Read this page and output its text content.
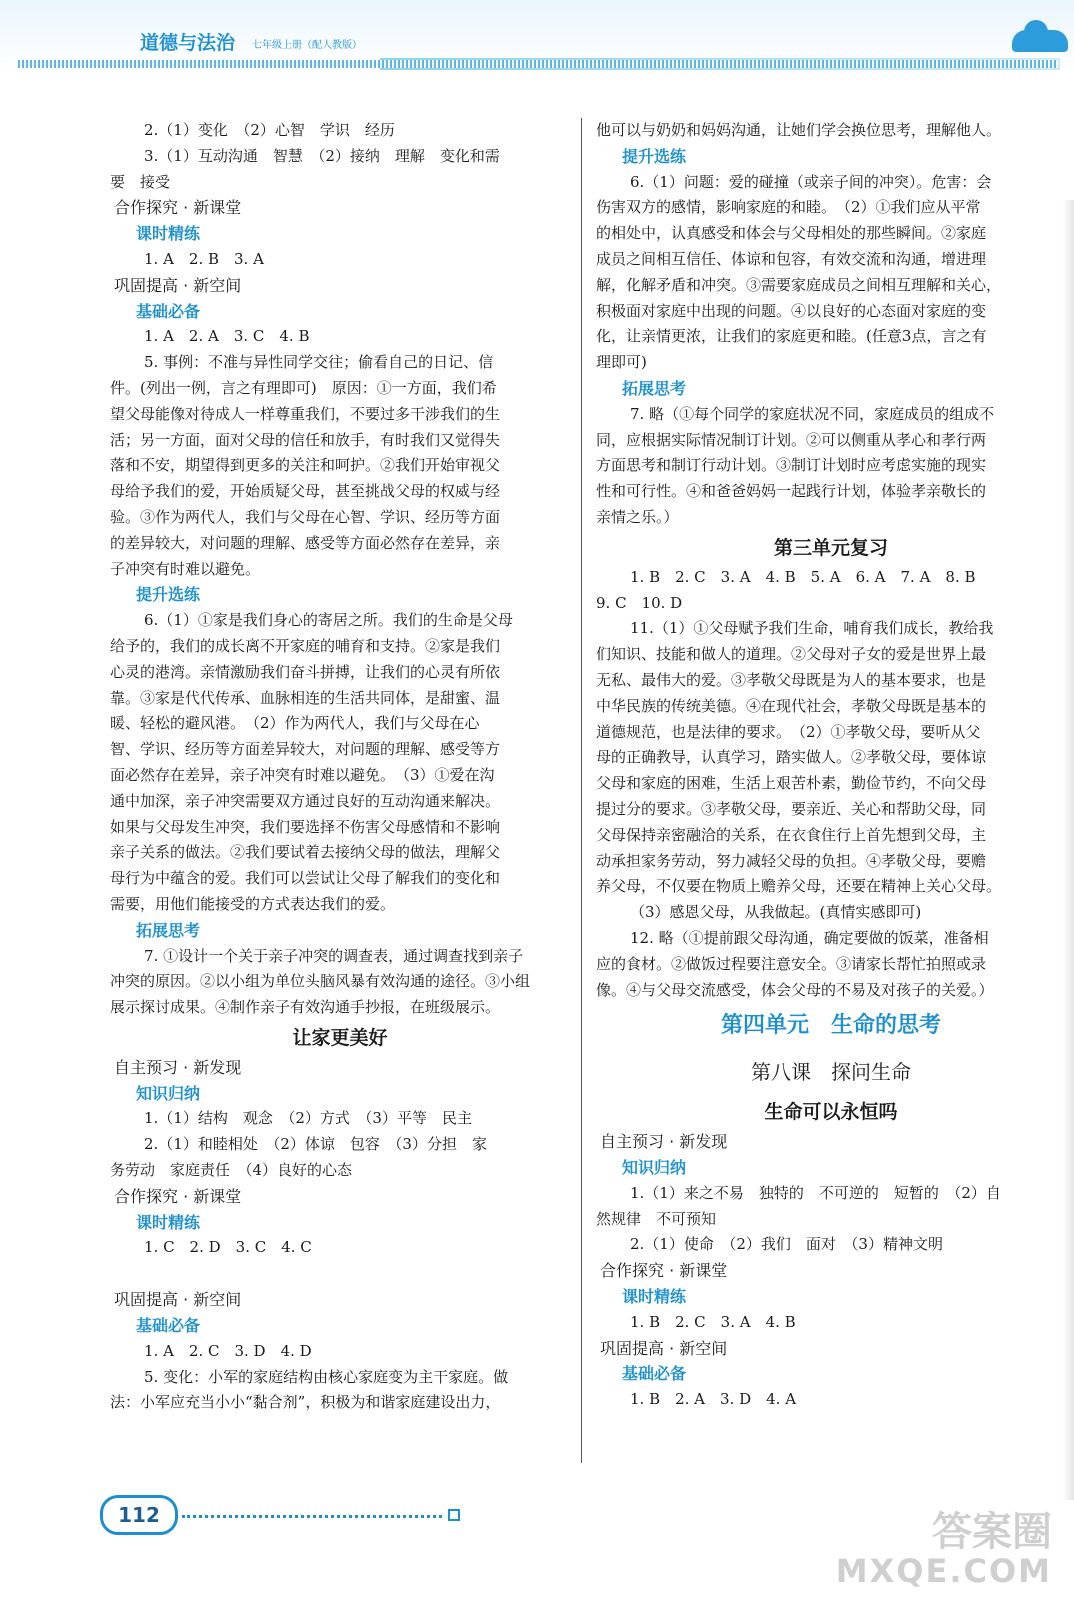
道德与法治 七年级上册（配人教版）
2.（1）变化　（2）心智　学识　经历
3.（1）互动沟通　智慧　（2）接纳　理解　变化和需
要　接受
合作探究 · 新课堂
课时精练
1. A　2. B　3. A
巩固提高 · 新空间
基础必备
1. A　2. A　3. C　4. B
5. 事例：不准与异性同学交往；偷看自己的日记、信
件。(列出一例，言之有理即可)　原因：①一方面，我们希
望父母能像对待成人一样尊重我们，不要过多干涉我们的生
活；另一方面，面对父母的信任和放手，有时我们又觉得失
落和不安，期望得到更多的关注和呵护。②我们开始审视父
母给予我们的爱，开始质疑父母，甚至挑战父母的权威与经
验。③作为两代人，我们与父母在心智、学识、经历等方面
的差异较大，对问题的理解、感受等方面必然存在差异，亲
子冲突有时难以避免。
提升选练
6.（1）①家是我们身心的寄居之所。我们的生命是父母
给予的，我们的成长离不开家庭的哺育和支持。②家是我们
心灵的港湾。亲情激励我们奋斗拼搏，让我们的心灵有所依
靠。③家是代代传承、血脉相连的生活共同体，是甜蜜、温
暖、轻松的避风港。　（2）作为两代人，我们与父母在心
智、学识、经历等方面差异较大，对问题的理解、感受等方
面必然存在差异，亲子冲突有时难以避免。　（3）①爱在沟
通中加深，亲子冲突需要双方通过良好的互动沟通来解决。
如果与父母发生冲突，我们要选择不伤害父母感情和不影响
亲子关系的做法。②我们要试着去接纳父母的做法，理解父
母行为中蕴含的爱。我们可以尝试让父母了解我们的变化和
需要，用他们能接受的方式表达我们的爱。
拓展思考
7. ①设计一个关于亲子冲突的调查表，通过调查找到亲子
冲突的原因。②以小组为单位头脑风暴有效沟通的途径。③小组
展示探讨成果。④制作亲子有效沟通手抄报，在班级展示。
让家更美好
自主预习 · 新发现
知识归纳
1.（1）结构　观念　（2）方式　（3）平等　民主
2.（1）和睦相处　（2）体谅　包容　（3）分担　家
务劳动　家庭责任　（4）良好的心态
合作探究 · 新课堂
课时精练
1. C　2. D　3. C　4. C
巩固提高 · 新空间
基础必备
1. A　2. C　3. D　4. D
5. 变化：小军的家庭结构由核心家庭变为主干家庭。做
法：小军应充当小小“黏合剂”，积极为和谐家庭建设出力，
他可以与奶奶和妈妈沟通，让她们学会换位思考，理解他人。
提升选练
6.（1）问题：爱的碰撞（或亲子间的冲突）。危害：会
伤害双方的感情，影响家庭的和睦。　（2）①我们应从平常
的相处中，认真感受和体会与父母相处的那些瞬间。②家庭
成员之间相互信任、体谅和包容，有效交流和沟通，增进理
解，化解矛盾和冲突。③需要家庭成员之间相互理解和关心，
积极面对家庭中出现的问题。④以良好的心态面对家庭的变
化，让亲情更浓，让我们的家庭更和睦。(任意3点，言之有
理即可)
拓展思考
7. 略（①每个同学的家庭状况不同，家庭成员的组成不
同，应根据实际情况制订计划。②可以侧重从孝心和孝行两
方面思考和制订行动计划。③制订计划时应考虑实施的现实
性和可行性。④和爸爸妈妈一起践行计划，体验孝亲敬长的
亲情之乐。）
第三单元复习
1. B　2. C　3. A　4. B　5. A　6. A　7. A　8. B
9. C　10. D
11.（1）①父母赋予我们生命，哺育我们成长，教给我
们知识、技能和做人的道理。②父母对子女的爱是世界上最
无私、最伟大的爱。③孝敬父母既是为人的基本要求，也是
中华民族的传统美德。④在现代社会，孝敬父母既是基本的
道德规范，也是法律的要求。　（2）①孝敬父母，要听从父
母的正确教导，认真学习，踏实做人。②孝敬父母，要体谅
父母和家庭的困难，生活上艰苦朴素，勤俭节约，不向父母
提过分的要求。③孝敬父母，要亲近、关心和帮助父母，同
父母保持亲密融洽的关系，在衣食住行上首先想到父母，主
动承担家务劳动，努力减轻父母的负担。④孝敬父母，要赡
养父母，不仅要在物质上赡养父母，还要在精神上关心父母。
（3）感恩父母，从我做起。(真情实感即可)
12. 略（①提前跟父母沟通，确定要做的饭菜，准备相
应的食材。②做饭过程要注意安全。③请家长帮忙拍照或录
像。④与父母交流感受，体会父母的不易及对孩子的关爱。）
第四单元　生命的思考
第八课　探问生命
生命可以永恒吗
自主预习 · 新发现
知识归纳
1.（1）来之不易　独特的　不可逆的　短暂的　（2）自
然规律　不可预知
2.（1）使命　（2）我们　面对　（3）精神文明
合作探究 · 新课堂
课时精练
1. B　2. C　3. A　4. B
巩固提高 · 新空间
基础必备
1. B　2. A　3. D　4. A
112	答案圈
MXQE.COM
